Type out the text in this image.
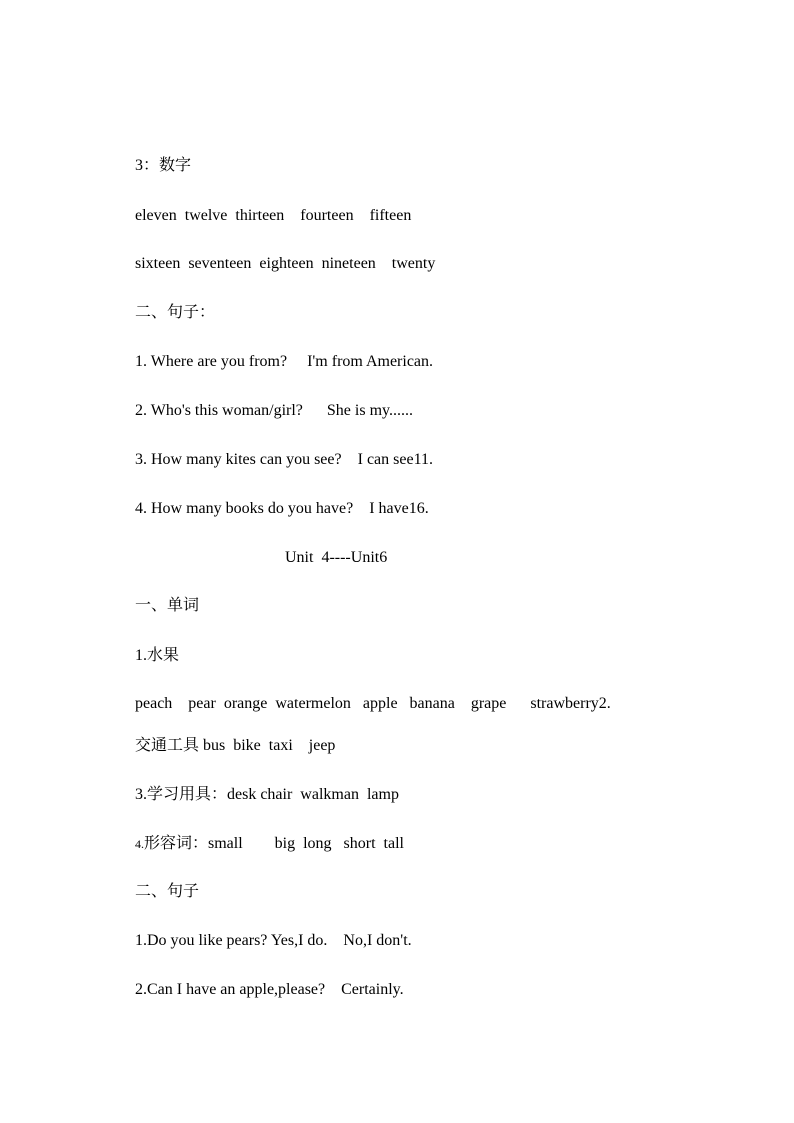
3：数字
eleven  twelve  thirteen    fourteen    fifteen
sixteen  seventeen  eighteen  nineteen    twenty
二、句子：
1. Where are you from?     I'm from American.
2. Who's this woman/girl?      She is my......
3. How many kites can you see?    I can see11.
4. How many books do you have?    I have16.
Unit  4----Unit6
一、单词
1.水果
peach    pear  orange  watermelon   apple   banana    grape      strawberry2.
交通工具 bus  bike  taxi    jeep
3.学习用具：desk chair  walkman  lamp
4.形容词：small        big  long   short  tall
二、句子
1.Do you like pears? Yes,I do.    No,I don't.
2.Can I have an apple,please?    Certainly.
